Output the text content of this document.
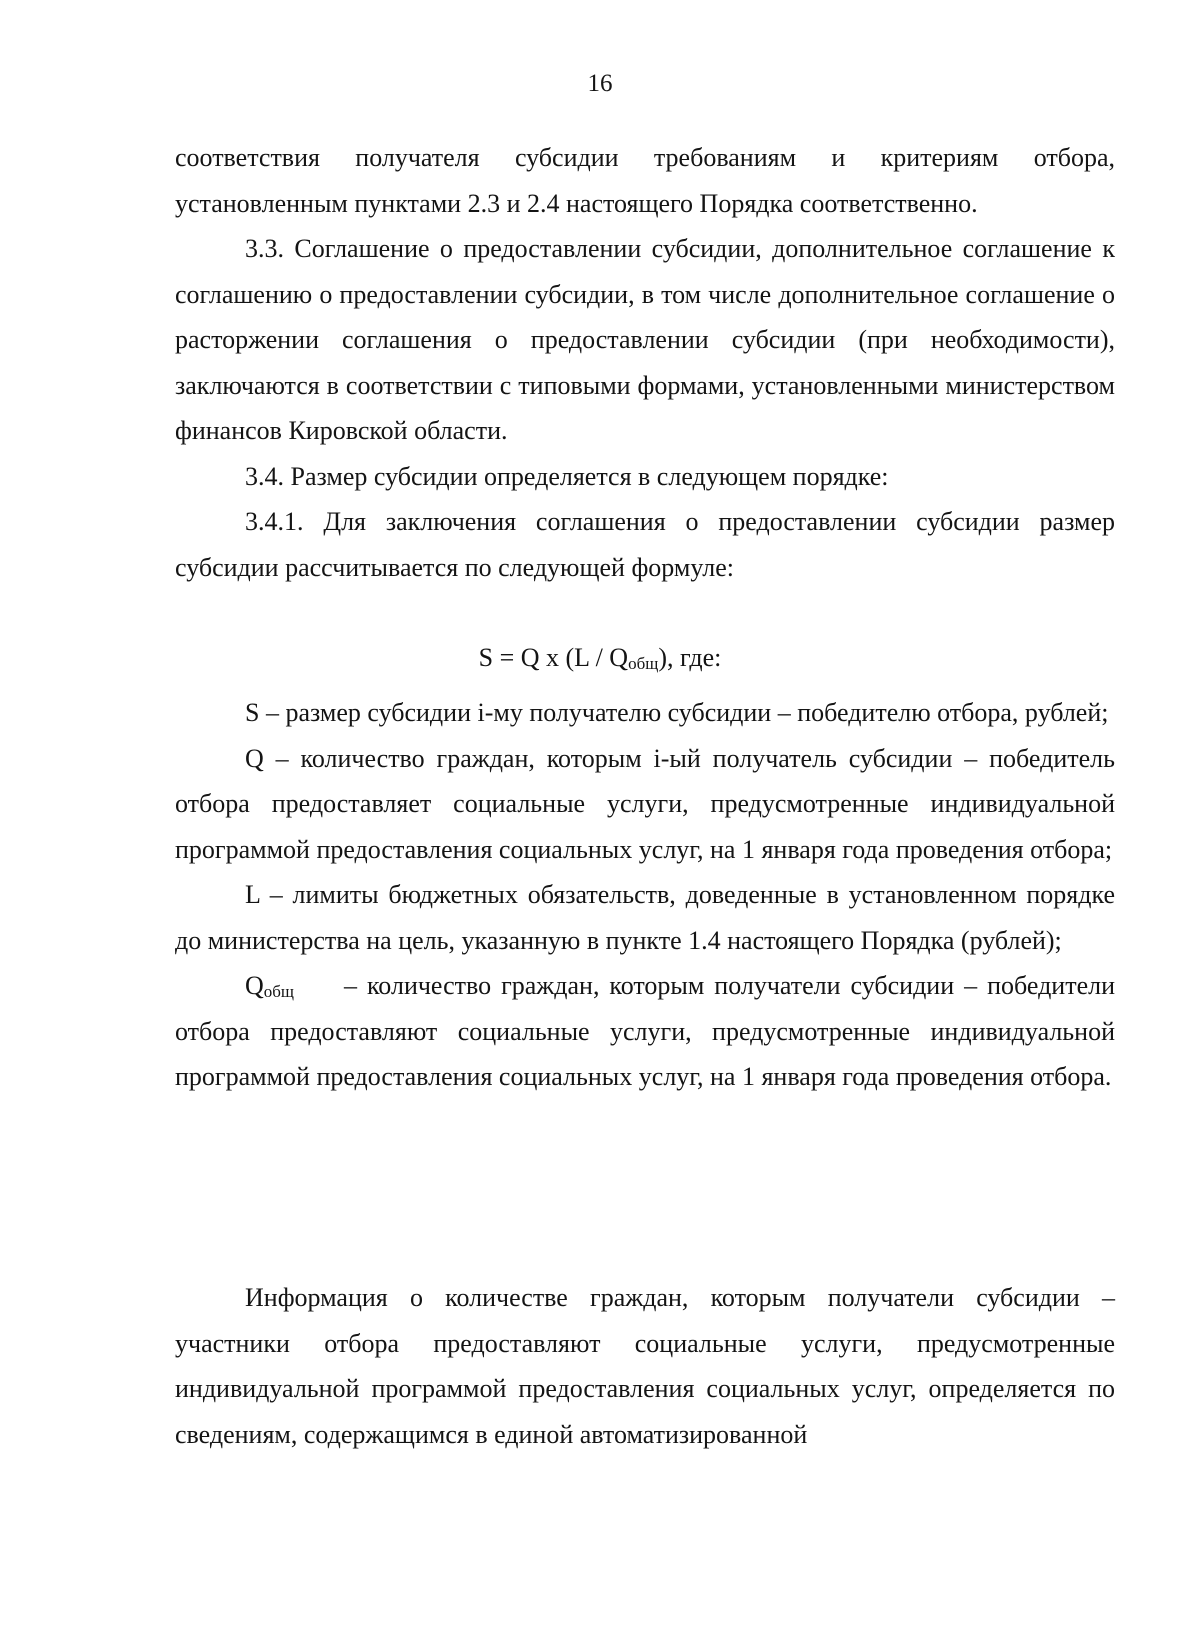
16

соответствия получателя субсидии требованиям и критериям отбора, установленным пунктами 2.3 и 2.4 настоящего Порядка соответственно.

3.3. Соглашение о предоставлении субсидии, дополнительное соглашение к соглашению о предоставлении субсидии, в том числе дополнительное соглашение о расторжении соглашения о предоставлении субсидии (при необходимости), заключаются в соответствии с типовыми формами, установленными министерством финансов Кировской области.

3.4. Размер субсидии определяется в следующем порядке:

3.4.1. Для заключения соглашения о предоставлении субсидии размер субсидии рассчитывается по следующей формуле:

S = Q х $(L / Q_{общ})$, где:

S – размер субсидии i-му получателю субсидии – победителю отбора, рублей;

Q – количество граждан, которым i-ый получатель субсидии – победитель отбора предоставляет социальные услуги, предусмотренные индивидуальной программой предоставления социальных услуг, на 1 января года проведения отбора;

L – лимиты бюджетных обязательств, доведенные в установленном порядке до министерства на цель, указанную в пункте 1.4 настоящего Порядка (рублей);

$Q_{общ}$ – количество граждан, которым получатели субсидии – победители отбора предоставляют социальные услуги, предусмотренные индивидуальной программой предоставления социальных услуг, на 1 января года проведения отбора.

Информация о количестве граждан, которым получатели субсидии – участники отбора предоставляют социальные услуги, предусмотренные индивидуальной программой предоставления социальных услуг, определяется по сведениям, содержащимся в единой автоматизированной
